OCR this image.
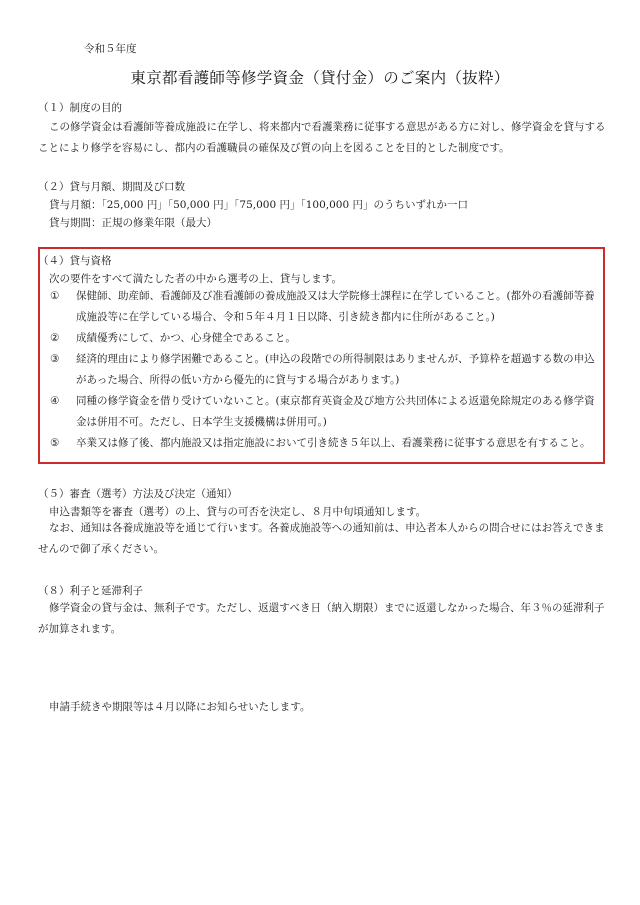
令和５年度
東京都看護師等修学資金（貸付金）のご案内（抜粋）
（１）制度の目的
この修学資金は看護師等養成施設に在学し、将来都内で看護業務に従事する意思がある方に対し、修学資金を貸与することにより修学を容易にし、都内の看護職員の確保及び質の向上を図ることを目的とした制度です。
（２）貸与月額、期間及び口数
貸与月額：「25,000 円」「50,000 円」「75,000 円」「100,000 円」のうちいずれか一口
貸与期間：正規の修業年限（最大）
（４）貸与資格
次の要件をすべて満たした者の中から選考の上、貸与します。
① 保健師、助産師、看護師及び准看護師の養成施設又は大学院修士課程に在学していること。(都外の看護師等養成施設等に在学している場合、令和５年４月１日以降、引き続き都内に住所があること。)
② 成績優秀にして、かつ、心身健全であること。
③ 経済的理由により修学困難であること。(申込の段階での所得制限はありませんが、予算枠を超過する数の申込があった場合、所得の低い方から優先的に貸与する場合があります。)
④ 同種の修学資金を借り受けていないこと。(東京都育英資金及び地方公共団体による返還免除規定のある修学資金は併用不可。ただし、日本学生支援機構は併用可。)
⑤ 卒業又は修了後、都内施設又は指定施設において引き続き５年以上、看護業務に従事する意思を有すること。
（５）審査（選考）方法及び決定（通知）
申込書類等を審査（選考）の上、貸与の可否を決定し、８月中旬頃通知します。
なお、通知は各養成施設等を通じて行います。各養成施設等への通知前は、申込者本人からの問合せにはお答えできませんので御了承ください。
（８）利子と延滞利子
修学資金の貸与金は、無利子です。ただし、返還すべき日（納入期限）までに返還しなかった場合、年３％の延滞利子が加算されます。
申請手続きや期限等は４月以降にお知らせいたします。
